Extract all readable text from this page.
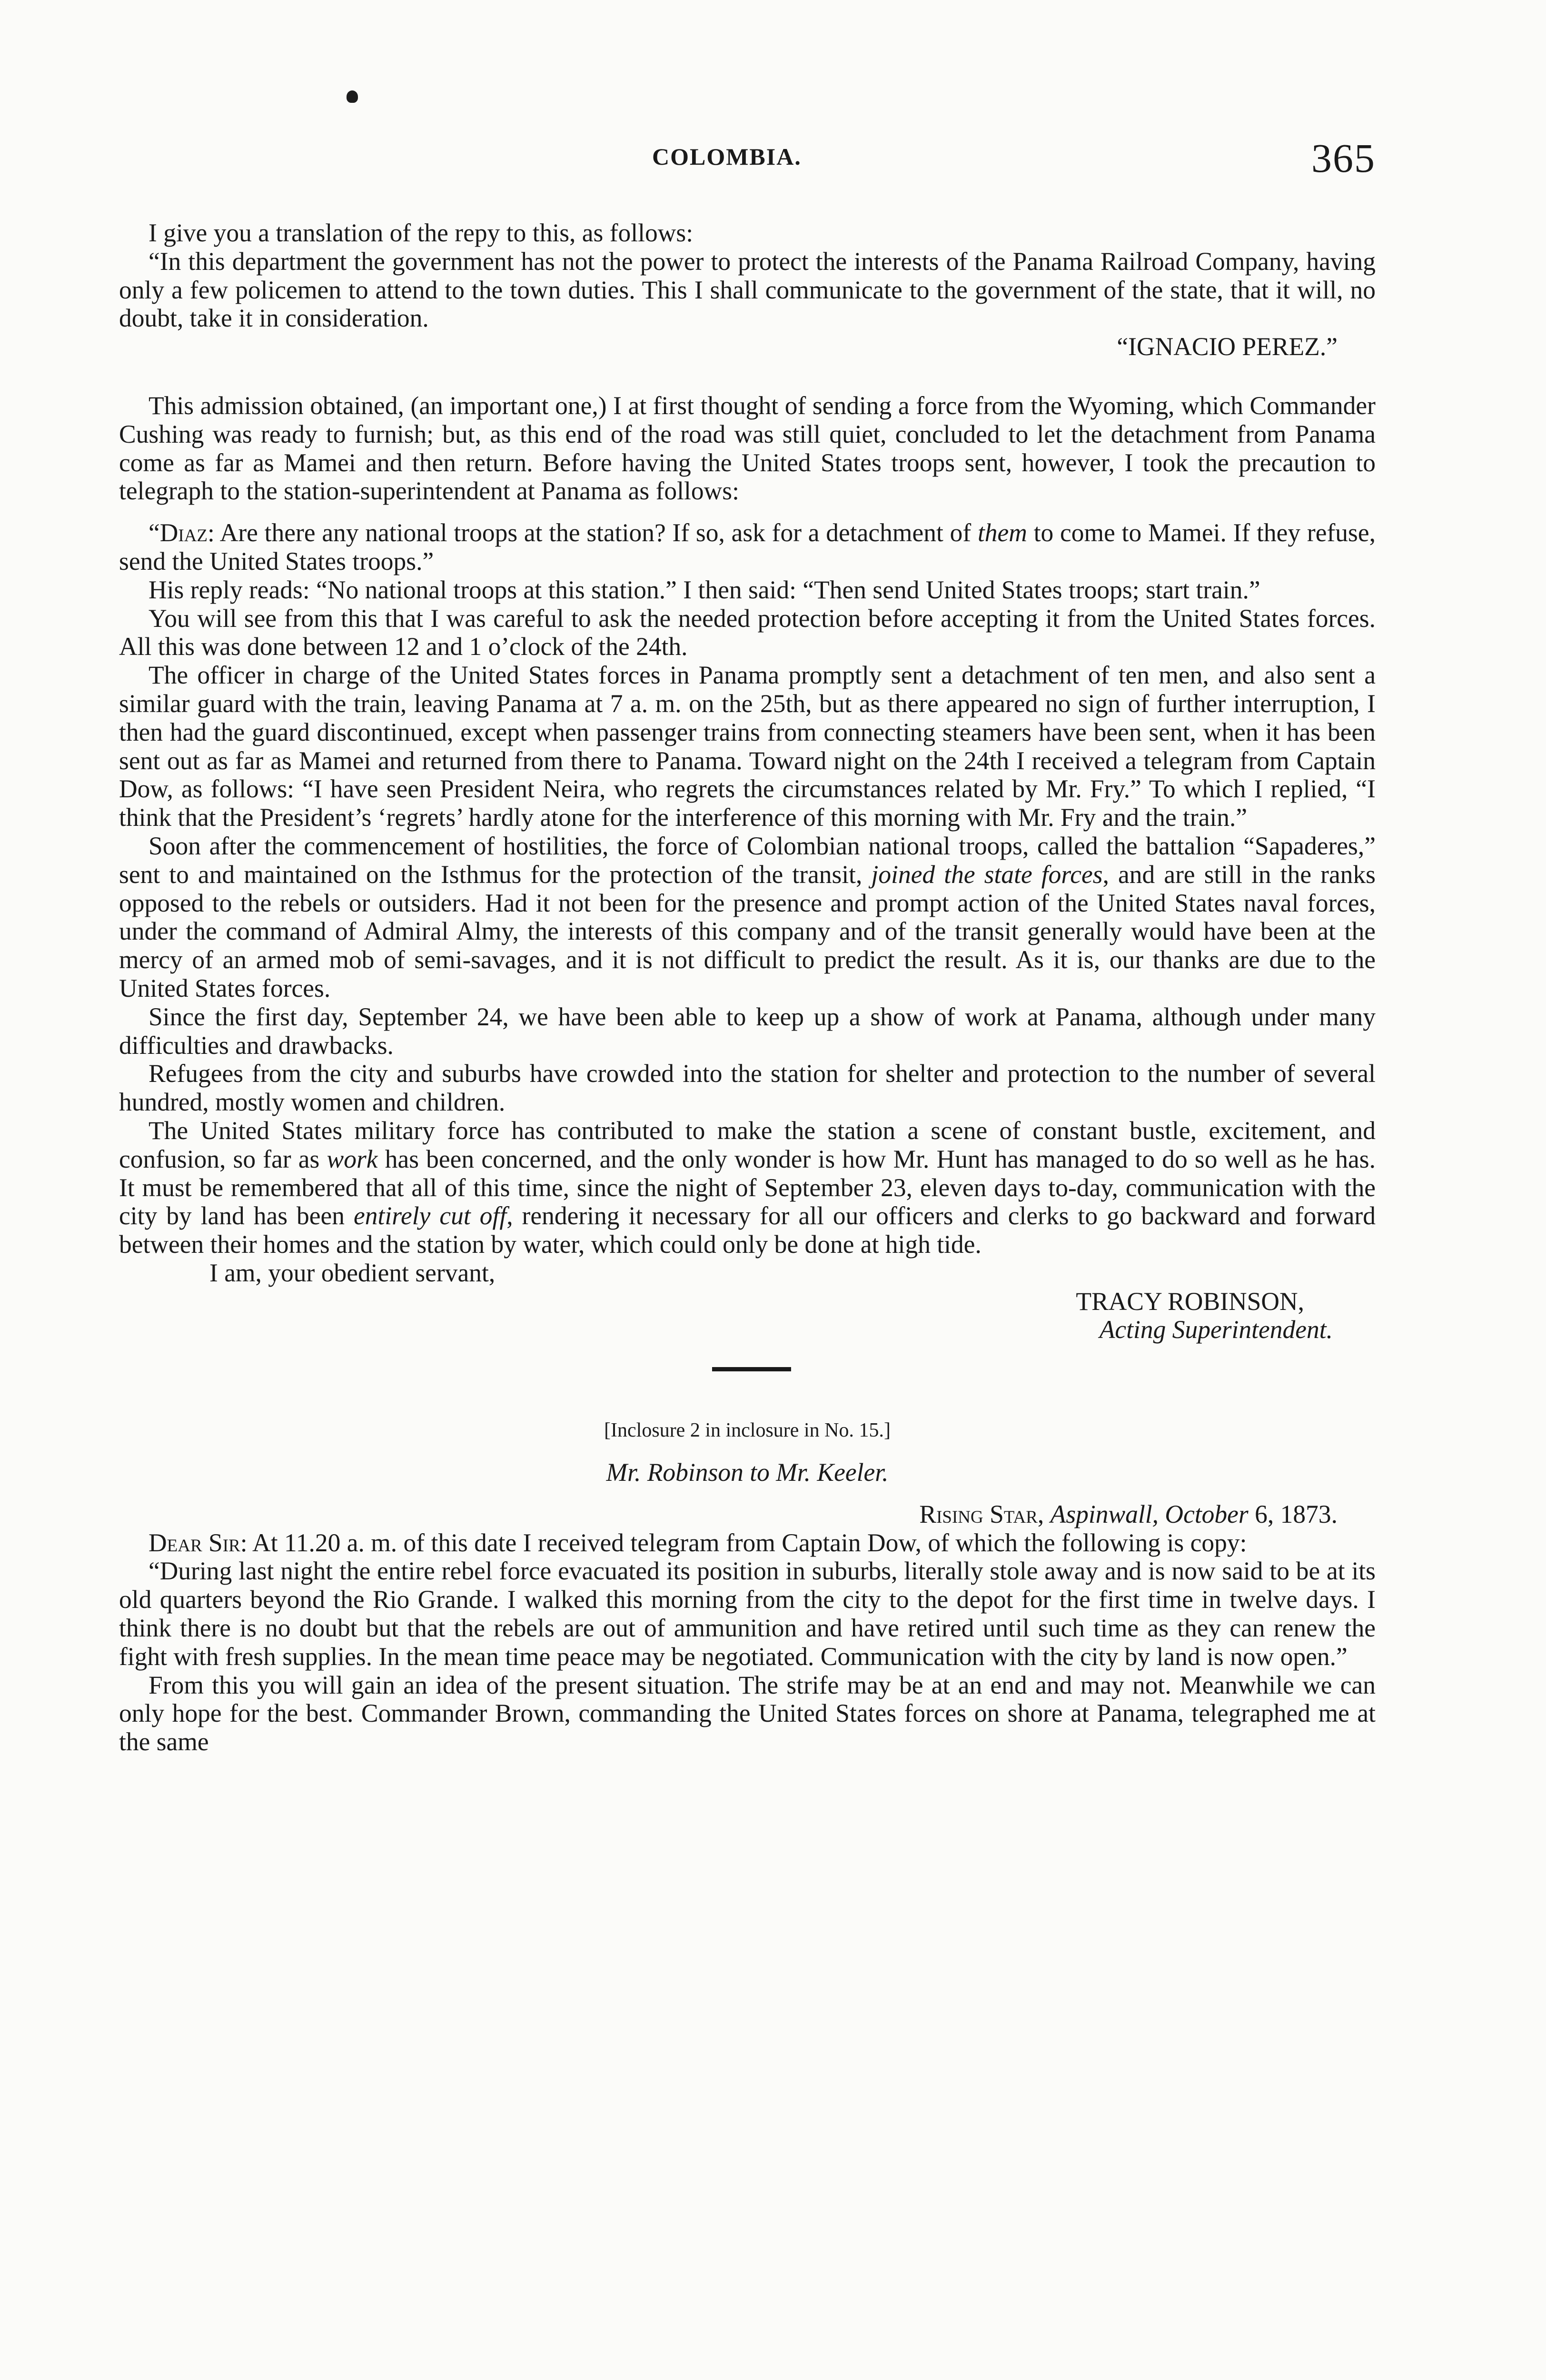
COLOMBIA.	365

I give you a translation of the repy to this, as follows:

“In this department the government has not the power to protect the interests of the Panama Railroad Company, having only a few policemen to attend to the town duties. This I shall communicate to the government of the state, that it will, no doubt, take it in consideration.

“IGNACIO PEREZ.”

This admission obtained, (an important one,) I at first thought of sending a force from the Wyoming, which Commander Cushing was ready to furnish; but, as this end of the road was still quiet, concluded to let the detachment from Panama come as far as Mamei and then return. Before having the United States troops sent, however, I took the precaution to telegraph to the station-superintendent at Panama as follows:

“Diaz: Are there any national troops at the station? If so, ask for a detachment of them to come to Mamei. If they refuse, send the United States troops.”

His reply reads: “No national troops at this station.” I then said: “Then send United States troops; start train.”

You will see from this that I was careful to ask the needed protection before accepting it from the United States forces. All this was done between 12 and 1 o’clock of the 24th.

The officer in charge of the United States forces in Panama promptly sent a detachment of ten men, and also sent a similar guard with the train, leaving Panama at 7 a. m. on the 25th, but as there appeared no sign of further interruption, I then had the guard discontinued, except when passenger trains from connecting steamers have been sent, when it has been sent out as far as Mamei and returned from there to Panama. Toward night on the 24th I received a telegram from Captain Dow, as follows: “I have seen President Neira, who regrets the circumstances related by Mr. Fry.” To which I replied, “I think that the President’s ‘regrets’ hardly atone for the interference of this morning with Mr. Fry and the train.”

Soon after the commencement of hostilities, the force of Colombian national troops, called the battalion “Sapaderes,” sent to and maintained on the Isthmus for the protection of the transit, joined the state forces, and are still in the ranks opposed to the rebels or outsiders. Had it not been for the presence and prompt action of the United States naval forces, under the command of Admiral Almy, the interests of this company and of the transit generally would have been at the mercy of an armed mob of semi-savages, and it is not difficult to predict the result. As it is, our thanks are due to the United States forces.

Since the first day, September 24, we have been able to keep up a show of work at Panama, although under many difficulties and drawbacks.

Refugees from the city and suburbs have crowded into the station for shelter and protection to the number of several hundred, mostly women and children.

The United States military force has contributed to make the station a scene of constant bustle, excitement, and confusion, so far as work has been concerned, and the only wonder is how Mr. Hunt has managed to do so well as he has. It must be remembered that all of this time, since the night of September 23, eleven days to-day, communication with the city by land has been entirely cut off, rendering it necessary for all our officers and clerks to go backward and forward between their homes and the station by water, which could only be done at high tide.

I am, your obedient servant,

TRACY ROBINSON,

Acting Superintendent.

[Inclosure 2 in inclosure in No. 15.]

Mr. Robinson to Mr. Keeler.

Rising Star, Aspinwall, October 6, 1873.

Dear Sir: At 11.20 a. m. of this date I received telegram from Captain Dow, of which the following is copy:

“During last night the entire rebel force evacuated its position in suburbs, literally stole away and is now said to be at its old quarters beyond the Rio Grande. I walked this morning from the city to the depot for the first time in twelve days. I think there is no doubt but that the rebels are out of ammunition and have retired until such time as they can renew the fight with fresh supplies. In the mean time peace may be negotiated. Communication with the city by land is now open.”

From this you will gain an idea of the present situation. The strife may be at an end and may not. Meanwhile we can only hope for the best. Commander Brown, commanding the United States forces on shore at Panama, telegraphed me at the same
